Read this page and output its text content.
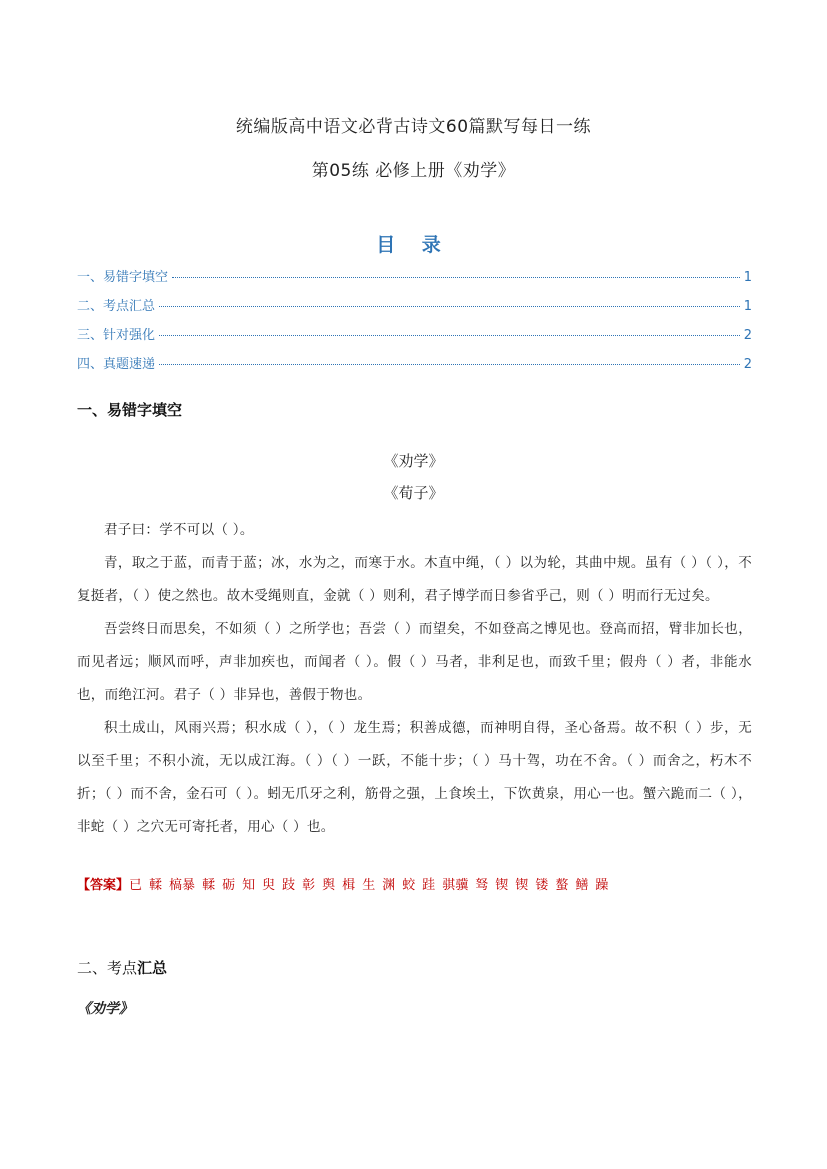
统编版高中语文必背古诗文60篇默写每日一练
第05练 必修上册《劝学》
目 录
一、易错字填空	1
二、考点汇总	1
三、针对强化	2
四、真题速递	2
一、易错字填空
《劝学》
《荀子》

君子曰：学不可以（ ）。

青，取之于蓝，而青于蓝；冰，水为之，而寒于水。木直中绳，（ ）以为轮，其曲中规。虽有（ ）（ ），不复挺者，（ ）使之然也。故木受绳则直，金就（ ）则利，君子博学而日参省乎己，则（ ）明而行无过矣。

吾尝终日而思矣，不如须（ ）之所学也；吾尝（ ）而望矣，不如登高之博见也。登高而招，臂非加长也，而见者远；顺风而呼，声非加疾也，而闻者（ ）。假（ ）马者，非利足也，而致千里；假舟（ ）者，非能水也，而绝江河。君子（ ）非异也，善假于物也。

积土成山，风雨兴焉；积水成（ ），（ ）龙生焉；积善成德，而神明自得，圣心备焉。故不积（ ）步，无以至千里；不积小流，无以成江海。（ ）（ ）一跃，不能十步；（ ）马十驾，功在不舍。（ ）而舍之，朽木不折；（ ）而不舍，金石可（ ）。蚓无爪牙之利，筋骨之强，上食埃土，下饮黄泉，用心一也。蟹六跪而二（ ），非蛇（ ）之穴无可寄托者，用心（ ）也。

【答案】已 輮 槁暴 輮 砺 知 臾 跂 彰 舆 楫 生 渊 蛟 跬 骐骥 驽 锲 锲 镂 螯 鳝 躁
二、考点汇总
《劝学》
